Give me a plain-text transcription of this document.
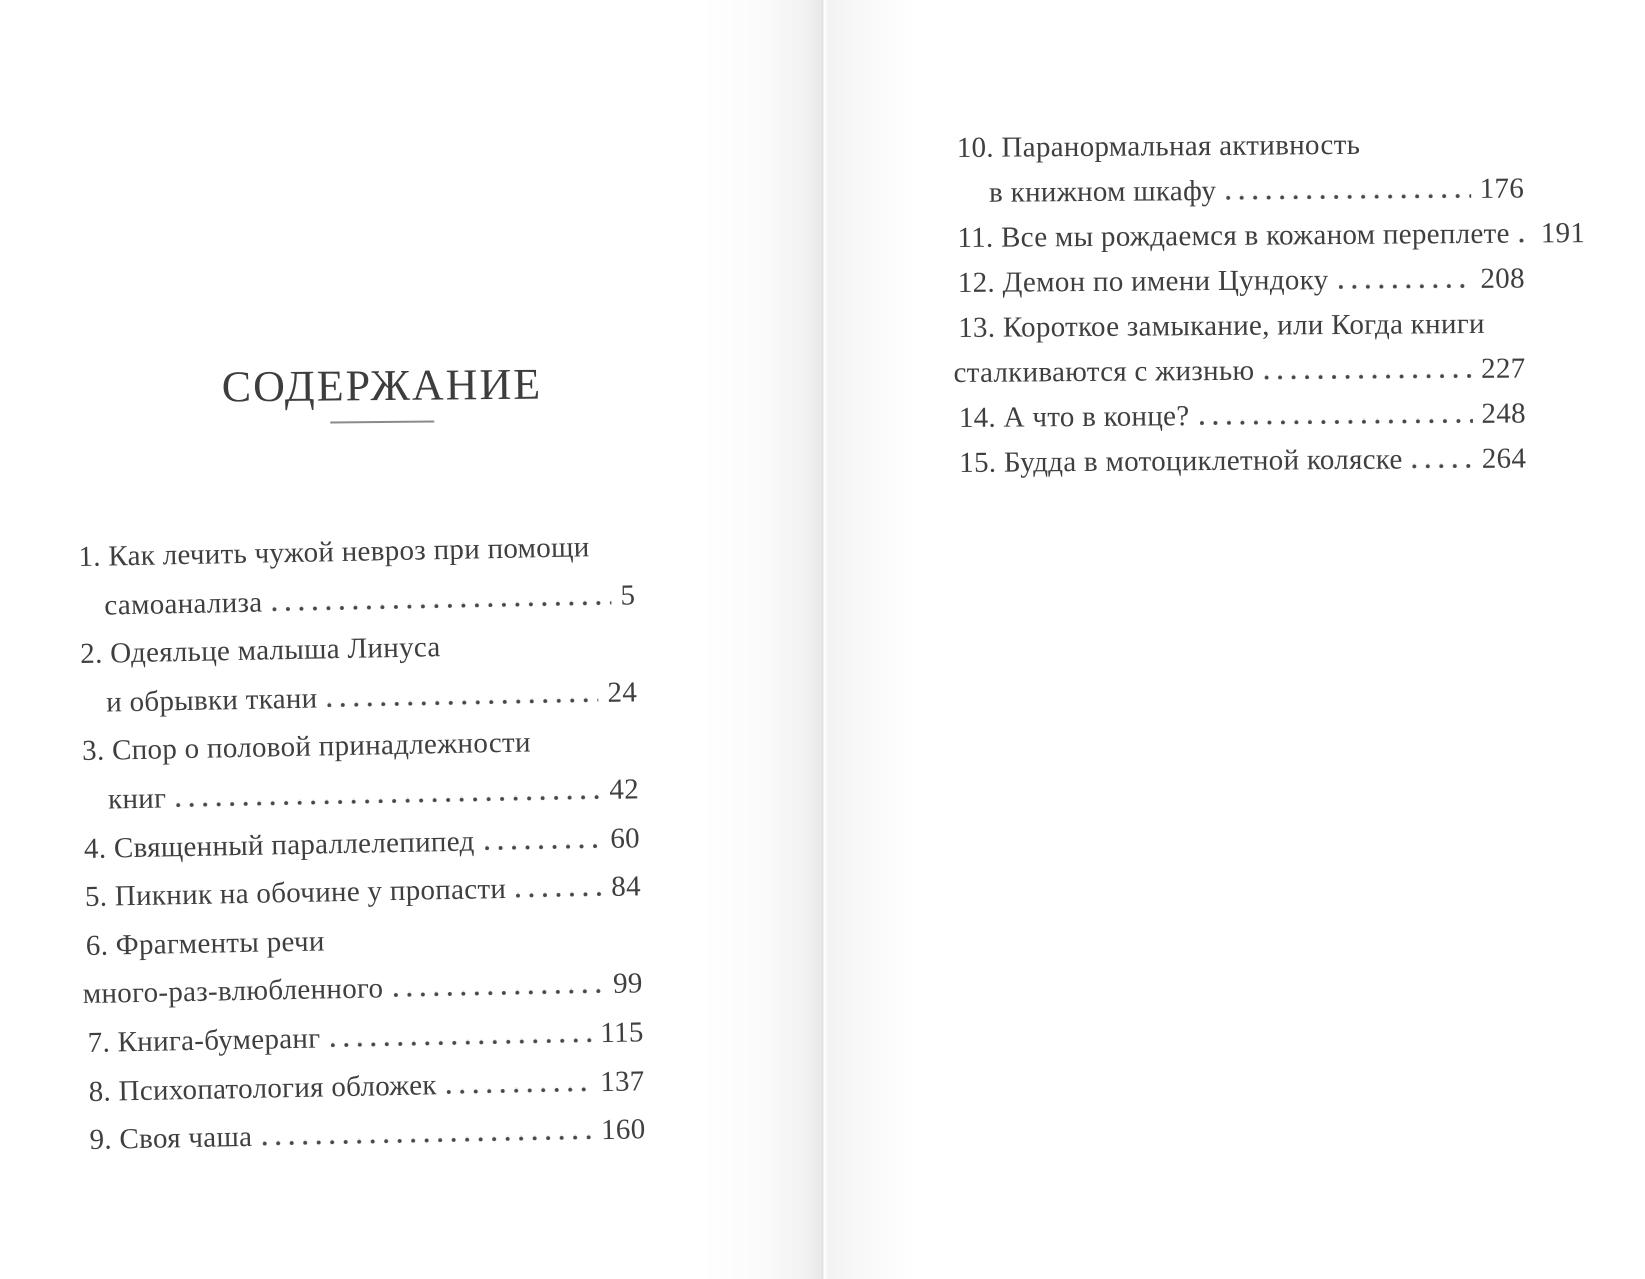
СОДЕРЖАНИЕ
1. Как лечить чужой невроз при помощи
самоанализа	5
2. Одеяльце малыша Линуса
и обрывки ткани	24
3. Спор о половой принадлежности
книг	42
4. Священный параллелепипед	60
5. Пикник на обочине у пропасти	84
6. Фрагменты речи
много-раз-влюбленного	99
7. Книга-бумеранг	115
8. Психопатология обложек	137
9. Своя чаша	160
10. Паранормальная активность
в книжном шкафу	176
11. Все мы рождаемся в кожаном переплете 191
12. Демон по имени Цундоку	208
13. Короткое замыкание, или Когда книги
сталкиваются с жизнью	227
14. А что в конце?	248
15. Будда в мотоциклетной коляске	264
